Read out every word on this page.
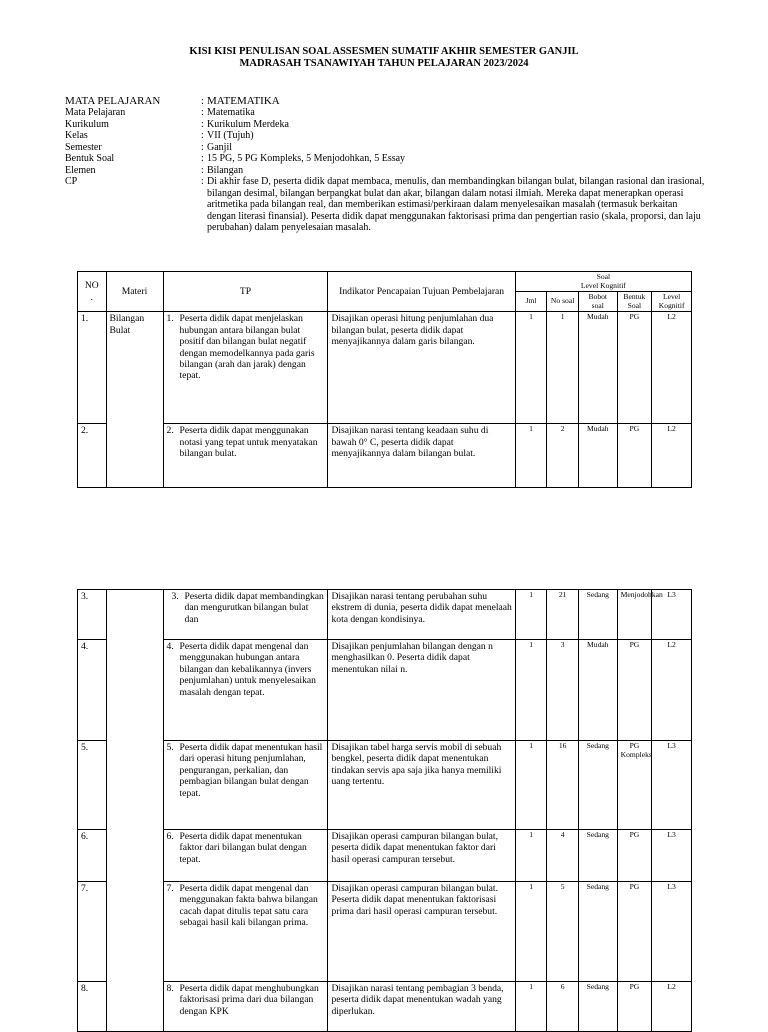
KISI KISI PENULISAN SOAL ASSESMEN SUMATIF AKHIR SEMESTER GANJIL
MADRASAH TSANAWIYAH TAHUN PELAJARAN 2023/2024
MATA PELAJARAN	: MATEMATIKA
Mata Pelajaran	: Matematika
Kurikulum	: Kurikulum Merdeka
Kelas	: VII (Tujuh)
Semester	: Ganjil
Bentuk Soal	: 15 PG, 5 PG Kompleks, 5 Menjodohkan, 5 Essay
Elemen	: Bilangan
CP	: Di akhir fase D, peserta didik dapat membaca, menulis, dan membandingkan bilangan bulat, bilangan rasional dan irasional, bilangan desimal, bilangan berpangkat bulat dan akar, bilangan dalam notasi ilmiah. Mereka dapat menerapkan operasi aritmetika pada bilangan real, dan memberikan estimasi/perkiraan dalam menyelesaikan masalah (termasuk berkaitan dengan literasi finansial). Peserta didik dapat menggunakan faktorisasi prima dan pengertian rasio (skala, proporsi, dan laju perubahan) dalam penyelesaian masalah.
NO
.	Materi	TP	Indikator Pencapaian Tujuan Pembelajaran	Soal
Level Kognitif				
				Jml	No soal	Bobot soal	Bentuk Soal	Level Kognitif
1.	Bilangan Bulat	1. Peserta didik dapat menjelaskan hubungan antara bilangan bulat positif dan bilangan bulat negatif dengan memodelkannya pada garis bilangan (arah dan jarak) dengan tepat.	Disajikan operasi hitung penjumlahan dua bilangan bulat, peserta didik dapat menyajikannya dalam garis bilangan.	1	1	Mudah	PG	L2
2.		2. Peserta didik dapat menggunakan notasi yang tepat untuk menyatakan bilangan bulat.	Disajikan narasi tentang keadaan suhu di bawah 0° C, peserta didik dapat menyajikannya dalam bilangan bulat.	1	2	Mudah	PG	L2
3.		3. Peserta didik dapat membandingkan dan mengurutkan bilangan bulat dan	Disajikan narasi tentang perubahan suhu ekstrem di dunia, peserta didik dapat menelaah kota dengan kondisinya.	1	21	Sedang	Menjodohkan	L3
4.		4. Peserta didik dapat mengenal dan menggunakan hubungan antara bilangan dan kebalikannya (invers penjumlahan) untuk menyelesaikan masalah dengan tepat.	Disajikan penjumlahan bilangan dengan n menghasilkan 0. Peserta didik dapat menentukan nilai n.	1	3	Mudah	PG	L2
5.		5. Peserta didik dapat menentukan hasil dari operasi hitung penjumlahan, pengurangan, perkalian, dan pembagian bilangan bulat dengan tepat.	Disajikan tabel harga servis mobil di sebuah bengkel, peserta didik dapat menentukan tindakan servis apa saja jika hanya memiliki uang tertentu.	1	16	Sedang	PG Kompleks	L3
6.		6. Peserta didik dapat menentukan faktor dari bilangan bulat dengan tepat.	Disajikan operasi campuran bilangan bulat, peserta didik dapat menentukan faktor dari hasil operasi campuran tersebut.	1	4	Sedang	PG	L3
7.		7. Peserta didik dapat mengenal dan menggunakan fakta bahwa bilangan cacah dapat ditulis tepat satu cara sebagai hasil kali bilangan prima.	Disajikan operasi campuran bilangan bulat. Peserta didik dapat menentukan faktorisasi prima dari hasil operasi campuran tersebut.	1	5	Sedang	PG	L3
8.		8. Peserta didik dapat menghubungkan faktorisasi prima dari dua bilangan dengan KPK	Disajikan narasi tentang pembagian 3 benda, peserta didik dapat menentukan wadah yang diperlukan.	1	6	Sedang	PG	L2
